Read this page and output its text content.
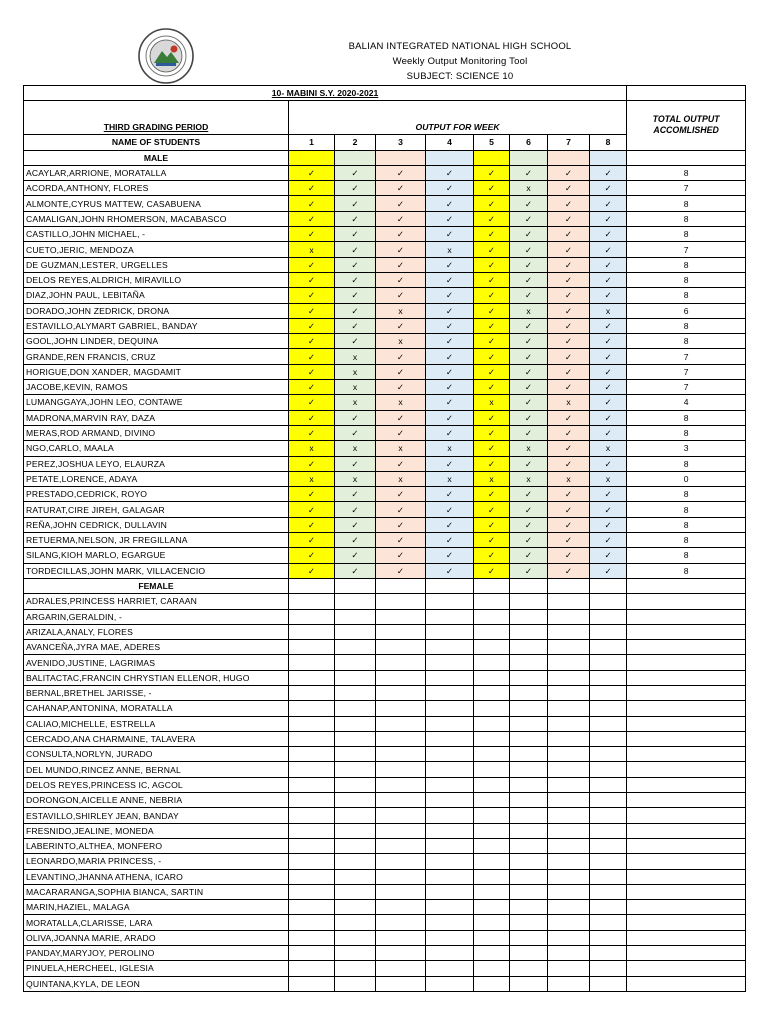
BALIAN INTEGRATED NATIONAL HIGH SCHOOL
Weekly Output Monitoring Tool
SUBJECT: SCIENCE 10
10- MABINI S.Y. 2020-2021									
THIRD GRADING PERIOD	OUTPUT FOR WEEK								TOTAL OUTPUT ACCOMLISHED
NAME OF STUDENTS	1	2	3	4	5	6	7	8	
MALE									
ACAYLAR,ARRIONE, MORATALLA	✓	✓	✓	✓	✓	✓	✓	✓	8
ACORDA,ANTHONY, FLORES	✓	✓	✓	✓	✓	x	✓	✓	7
ALMONTE,CYRUS MATTEW, CASABUENA	✓	✓	✓	✓	✓	✓	✓	✓	8
CAMALIGAN,JOHN RHOMERSON, MACABASCO	✓	✓	✓	✓	✓	✓	✓	✓	8
CASTILLO,JOHN MICHAEL, -	✓	✓	✓	✓	✓	✓	✓	✓	8
CUETO,JERIC, MENDOZA	x	✓	✓	x	✓	✓	✓	✓	7
DE GUZMAN,LESTER, URGELLES	✓	✓	✓	✓	✓	✓	✓	✓	8
DELOS REYES,ALDRICH, MIRAVILLO	✓	✓	✓	✓	✓	✓	✓	✓	8
DIAZ,JOHN PAUL, LEBITAÑA	✓	✓	✓	✓	✓	✓	✓	✓	8
DORADO,JOHN ZEDRICK, DRONA	✓	✓	x	✓	✓	x	✓	x	6
ESTAVILLO,ALYMART GABRIEL, BANDAY	✓	✓	✓	✓	✓	✓	✓	✓	8
GOOL,JOHN LINDER, DEQUINA	✓	✓	x	✓	✓	✓	✓	✓	8
GRANDE,REN FRANCIS, CRUZ	✓	x	✓	✓	✓	✓	✓	✓	7
HORIGUE,DON XANDER, MAGDAMIT	✓	x	✓	✓	✓	✓	✓	✓	7
JACOBE,KEVIN, RAMOS	✓	x	✓	✓	✓	✓	✓	✓	7
LUMANGGAYA,JOHN LEO, CONTAWE	✓	x	x	✓	x	✓	x	✓	4
MADRONA,MARVIN RAY, DAZA	✓	✓	✓	✓	✓	✓	✓	✓	8
MERAS,ROD ARMAND, DIVINO	✓	✓	✓	✓	✓	✓	✓	✓	8
NGO,CARLO, MAALA	x	x	x	x	✓	x	✓	x	3
PEREZ,JOSHUA LEYO, ELAURZA	✓	✓	✓	✓	✓	✓	✓	✓	8
PETATE,LORENCE, ADAYA	x	x	x	x	x	x	x	x	0
PRESTADO,CEDRICK, ROYO	✓	✓	✓	✓	✓	✓	✓	✓	8
RATURAT,CIRE JIREH, GALAGAR	✓	✓	✓	✓	✓	✓	✓	✓	8
REÑA,JOHN CEDRICK, DULLAVIN	✓	✓	✓	✓	✓	✓	✓	✓	8
RETUERMA,NELSON, JR FREGILLANA	✓	✓	✓	✓	✓	✓	✓	✓	8
SILANG,KIOH MARLO, EGARGUE	✓	✓	✓	✓	✓	✓	✓	✓	8
TORDECILLAS,JOHN MARK, VILLACENCIO	✓	✓	✓	✓	✓	✓	✓	✓	8
FEMALE									
ADRALES,PRINCESS HARRIET, CARAAN									
ARGARIN,GERALDIN, -									
ARIZALA,ANALY, FLORES									
AVANCEÑA,JYRA MAE, ADERES									
AVENIDO,JUSTINE, LAGRIMAS									
BALITACTAC,FRANCIN CHRYSTIAN ELLENOR, HUGO									
BERNAL,BRETHEL JARISSE, -									
CAHANAP,ANTONINA, MORATALLA									
CALIAO,MICHELLE, ESTRELLA									
CERCADO,ANA CHARMAINE, TALAVERA									
CONSULTA,NORLYN, JURADO									
DEL MUNDO,RINCEZ ANNE, BERNAL									
DELOS REYES,PRINCESS IC, AGCOL									
DORONGON,AICELLE ANNE, NEBRIA									
ESTAVILLO,SHIRLEY JEAN, BANDAY									
FRESNIDO,JEALINE, MONEDA									
LABERINTO,ALTHEA, MONFERO									
LEONARDO,MARIA PRINCESS, -									
LEVANTINO,JHANNA ATHENA, ICARO									
MACARARANGA,SOPHIA BIANCA, SARTIN									
MARIN,HAZIEL, MALAGA									
MORATALLA,CLARISSE, LARA									
OLIVA,JOANNA MARIE, ARADO									
PANDAY,MARYJOY, PEROLINO									
PINUELA,HERCHEEL, IGLESIA									
QUINTANA,KYLA, DE LEON									
